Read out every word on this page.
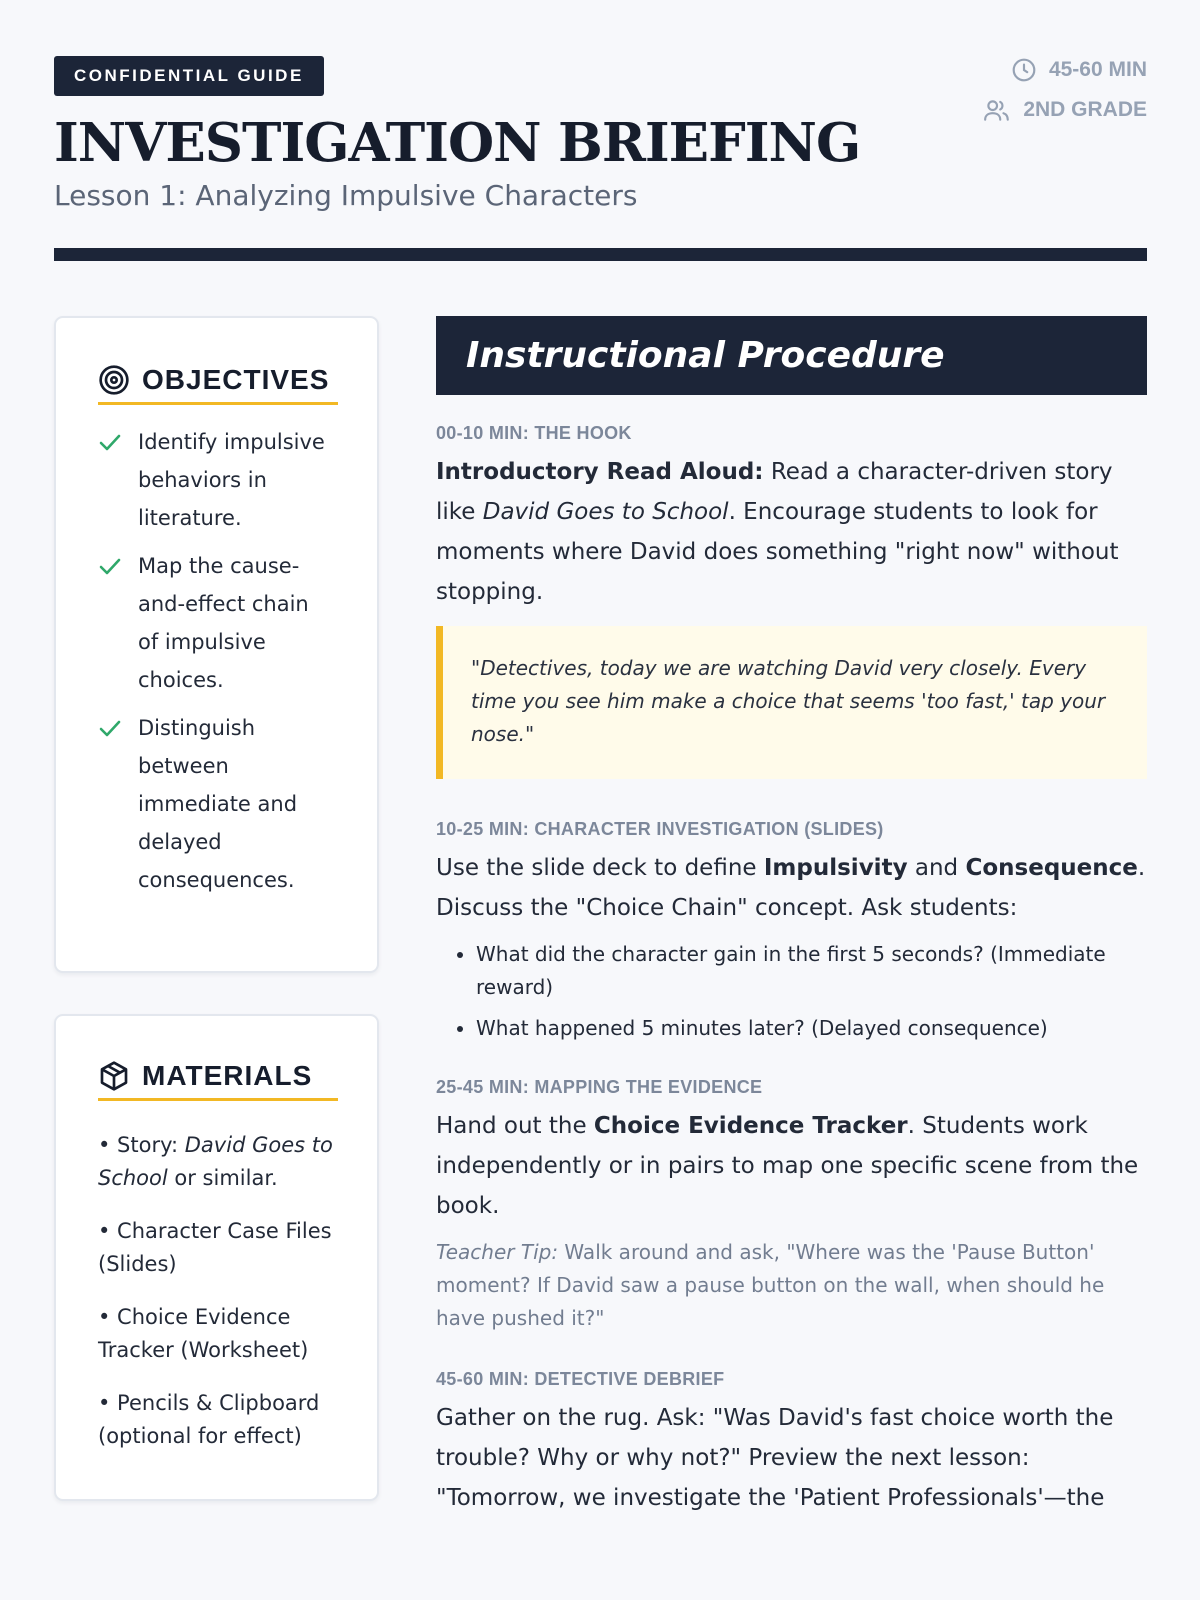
CONFIDENTIAL GUIDE
INVESTIGATION BRIEFING
Lesson 1: Analyzing Impulsive Characters
45-60 MIN
2ND GRADE
OBJECTIVES
Identify impulsive behaviors in literature.
Map the cause-and-effect chain of impulsive choices.
Distinguish between immediate and delayed consequences.
MATERIALS
• Story: David Goes to School or similar.
• Character Case Files (Slides)
• Choice Evidence Tracker (Worksheet)
• Pencils & Clipboard (optional for effect)
Instructional Procedure
00-10 MIN: THE HOOK
Introductory Read Aloud: Read a character-driven story like David Goes to School. Encourage students to look for moments where David does something "right now" without stopping.
"Detectives, today we are watching David very closely. Every time you see him make a choice that seems 'too fast,' tap your nose."
10-25 MIN: CHARACTER INVESTIGATION (SLIDES)
Use the slide deck to define Impulsivity and Consequence. Discuss the "Choice Chain" concept. Ask students:
• What did the character gain in the first 5 seconds? (Immediate reward)
• What happened 5 minutes later? (Delayed consequence)
25-45 MIN: MAPPING THE EVIDENCE
Hand out the Choice Evidence Tracker. Students work independently or in pairs to map one specific scene from the book.
Teacher Tip: Walk around and ask, "Where was the 'Pause Button' moment? If David saw a pause button on the wall, when should he have pushed it?"
45-60 MIN: DETECTIVE DEBRIEF
Gather on the rug. Ask: "Was David's fast choice worth the trouble? Why or why not?" Preview the next lesson: "Tomorrow, we investigate the 'Patient Professionals'—the
